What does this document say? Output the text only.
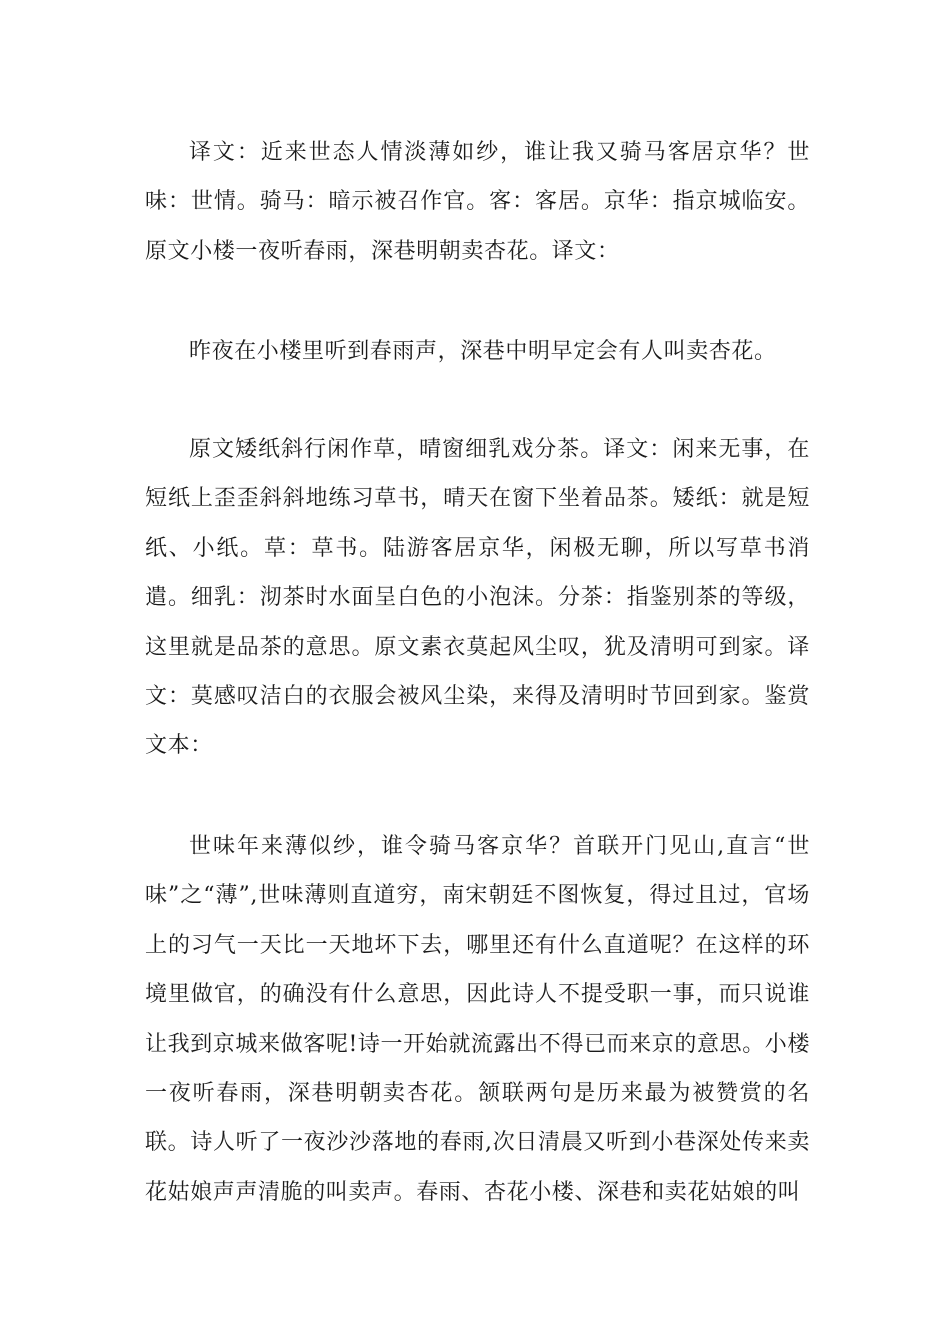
译文：近来世态人情淡薄如纱，谁让我又骑马客居京华？世味：世情。骑马：暗示被召作官。客：客居。京华：指京城临安。原文小楼一夜听春雨，深巷明朝卖杏花。译文：

昨夜在小楼里听到春雨声，深巷中明早定会有人叫卖杏花。

原文矮纸斜行闲作草，晴窗细乳戏分茶。译文：闲来无事，在短纸上歪歪斜斜地练习草书，晴天在窗下坐着品茶。矮纸：就是短纸、小纸。草：草书。陆游客居京华，闲极无聊，所以写草书消遣。细乳：沏茶时水面呈白色的小泡沫。分茶：指鉴别茶的等级，这里就是品茶的意思。原文素衣莫起风尘叹，犹及清明可到家。译文：莫感叹洁白的衣服会被风尘染，来得及清明时节回到家。鉴赏文本：

世味年来薄似纱，谁令骑马客京华？首联开门见山,直言“世味”之“薄”,世味薄则直道穷，南宋朝廷不图恢复，得过且过，官场上的习气一天比一天地坏下去，哪里还有什么直道呢？在这样的环境里做官，的确没有什么意思，因此诗人不提受职一事，而只说谁让我到京城来做客呢!诗一开始就流露出不得已而来京的意思。小楼一夜听春雨，深巷明朝卖杏花。颔联两句是历来最为被赞赏的名联。诗人听了一夜沙沙落地的春雨,次日清晨又听到小巷深处传来卖花姑娘声声清脆的叫卖声。春雨、杏花小楼、深巷和卖花姑娘的叫
